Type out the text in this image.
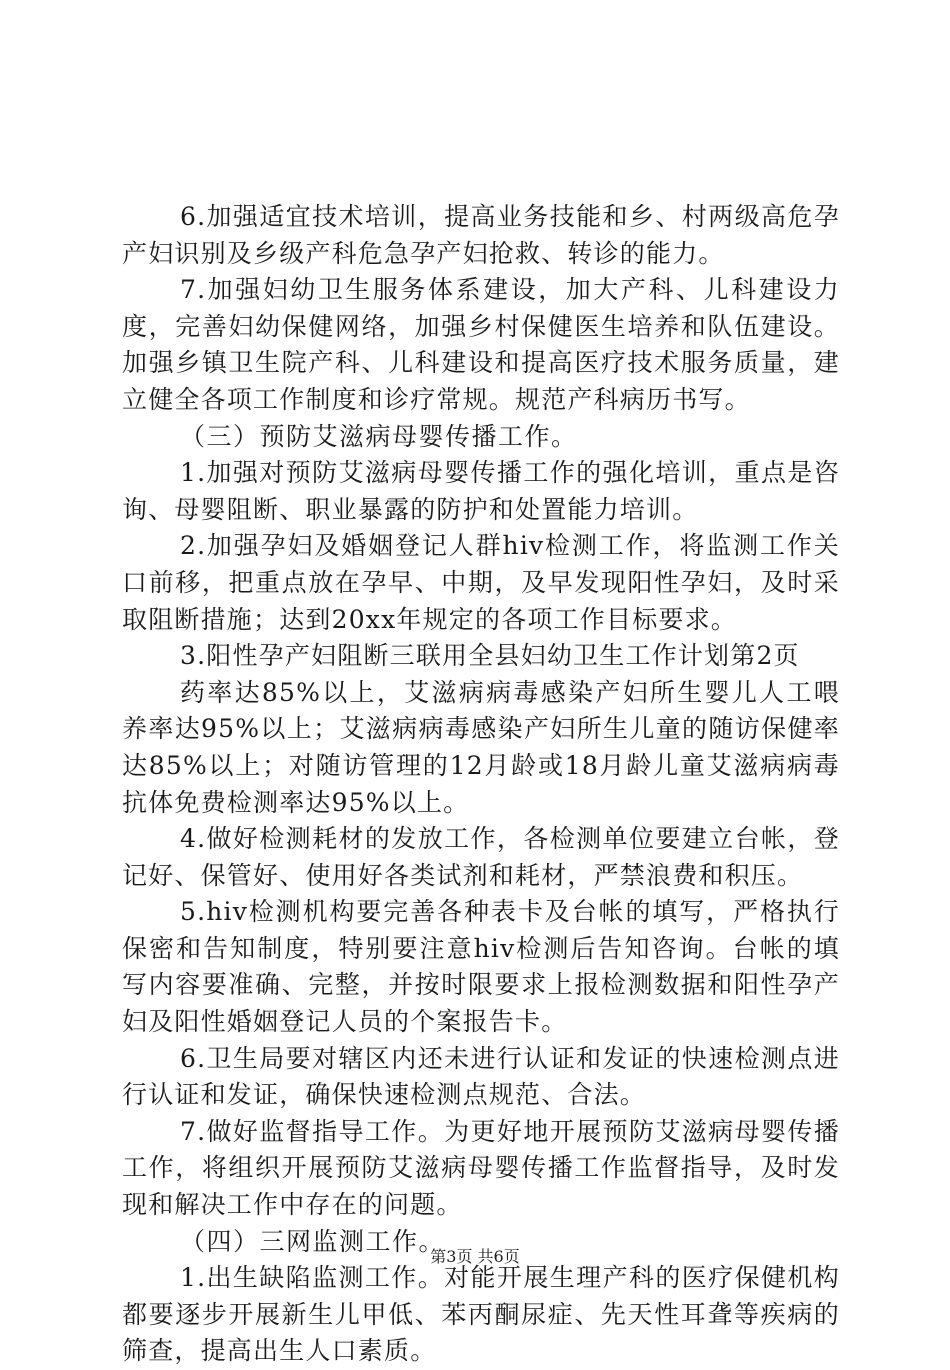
6.加强适宜技术培训，提高业务技能和乡、村两级高危孕产妇识别及乡级产科危急孕产妇抢救、转诊的能力。

7.加强妇幼卫生服务体系建设，加大产科、儿科建设力度，完善妇幼保健网络，加强乡村保健医生培养和队伍建设。加强乡镇卫生院产科、儿科建设和提高医疗技术服务质量，建立健全各项工作制度和诊疗常规。规范产科病历书写。

（三）预防艾滋病母婴传播工作。

1.加强对预防艾滋病母婴传播工作的强化培训，重点是咨询、母婴阻断、职业暴露的防护和处置能力培训。

2.加强孕妇及婚姻登记人群hiv检测工作，将监测工作关口前移，把重点放在孕早、中期，及早发现阳性孕妇，及时采取阻断措施；达到20xx年规定的各项工作目标要求。

3.阳性孕产妇阻断三联用全县妇幼卫生工作计划第2页

药率达85%以上，艾滋病病毒感染产妇所生婴儿人工喂养率达95%以上；艾滋病病毒感染产妇所生儿童的随访保健率达85%以上；对随访管理的12月龄或18月龄儿童艾滋病病毒抗体免费检测率达95%以上。

4.做好检测耗材的发放工作，各检测单位要建立台帐，登记好、保管好、使用好各类试剂和耗材，严禁浪费和积压。

5.hiv检测机构要完善各种表卡及台帐的填写，严格执行保密和告知制度，特别要注意hiv检测后告知咨询。台帐的填写内容要准确、完整，并按时限要求上报检测数据和阳性孕产妇及阳性婚姻登记人员的个案报告卡。

6.卫生局要对辖区内还未进行认证和发证的快速检测点进行认证和发证，确保快速检测点规范、合法。

7.做好监督指导工作。为更好地开展预防艾滋病母婴传播工作，将组织开展预防艾滋病母婴传播工作监督指导，及时发现和解决工作中存在的问题。

（四）三网监测工作。

1.出生缺陷监测工作。对能开展生理产科的医疗保健机构都要逐步开展新生儿甲低、苯丙酮尿症、先天性耳聋等疾病的筛查，提高出生人口素质。

第3页 共6页
